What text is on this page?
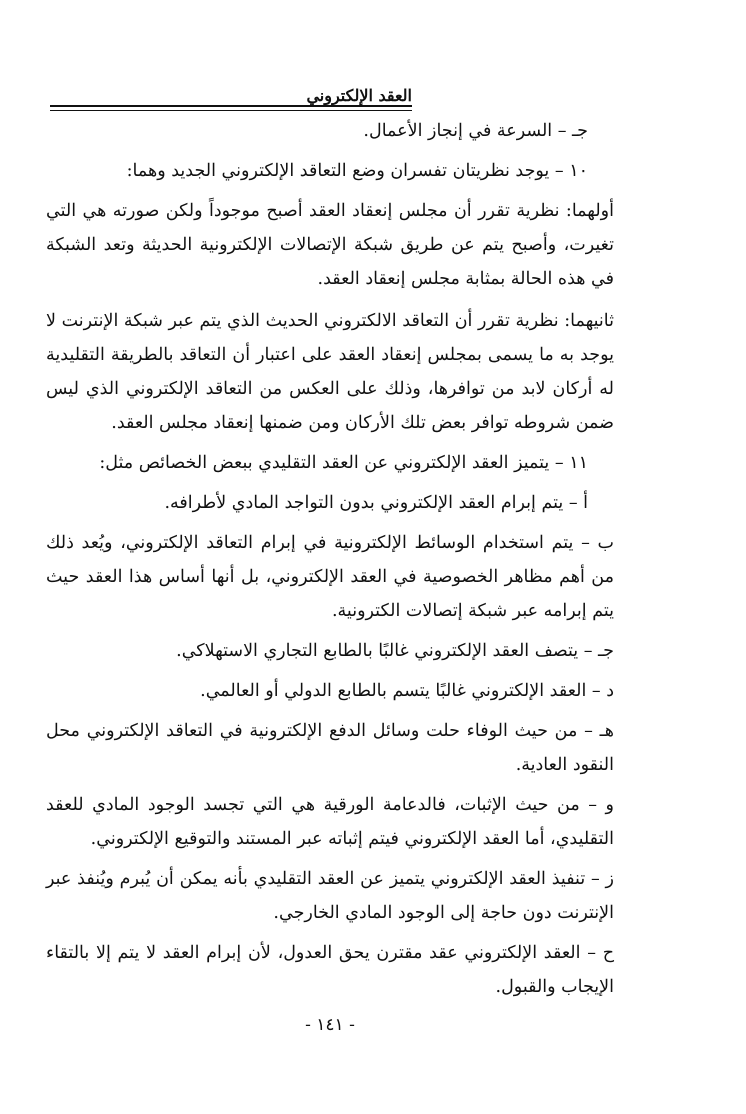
العقد الإلكتروني

جـ – السرعة في إنجاز الأعمال.

١٠ – يوجد نظريتان تفسران وضع التعاقد الإلكتروني الجديد وهما:

أولهما: نظرية تقرر أن مجلس إنعقاد العقد أصبح موجوداً ولكن صورته هي التي تغيرت، وأصبح يتم عن طريق شبكة الإتصالات الإلكترونية الحديثة وتعد الشبكة في هذه الحالة بمثابة مجلس إنعقاد العقد.

ثانيهما: نظرية تقرر أن التعاقد الالكتروني الحديث الذي يتم عبر شبكة الإنترنت لا يوجد به ما يسمى بمجلس إنعقاد العقد على اعتبار أن التعاقد بالطريقة التقليدية له أركان لابد من توافرها، وذلك على العكس من التعاقد الإلكتروني الذي ليس ضمن شروطه توافر بعض تلك الأركان ومن ضمنها إنعقاد مجلس العقد.

١١ – يتميز العقد الإلكتروني عن العقد التقليدي ببعض الخصائص مثل:

أ – يتم إبرام العقد الإلكتروني بدون التواجد المادي لأطرافه.

ب – يتم استخدام الوسائط الإلكترونية في إبرام التعاقد الإلكتروني، ويُعد ذلك من أهم مظاهر الخصوصية في العقد الإلكتروني، بل أنها أساس هذا العقد حيث يتم إبرامه عبر شبكة إتصالات الكترونية.

جـ – يتصف العقد الإلكتروني غالبًا بالطابع التجاري الاستهلاكي.

د – العقد الإلكتروني غالبًا يتسم بالطابع الدولي أو العالمي.

هـ – من حيث الوفاء حلت وسائل الدفع الإلكترونية في التعاقد الإلكتروني محل النقود العادية.

و – من حيث الإثبات، فالدعامة الورقية هي التي تجسد الوجود المادي للعقد التقليدي، أما العقد الإلكتروني فيتم إثباته عبر المستند والتوقيع الإلكتروني.

ز – تنفيذ العقد الإلكتروني يتميز عن العقد التقليدي بأنه يمكن أن يُبرم ويُنفذ عبر الإنترنت دون حاجة إلى الوجود المادي الخارجي.

ح – العقد الإلكتروني عقد مقترن يحق العدول، لأن إبرام العقد لا يتم إلا بالتقاء الإيجاب والقبول.

- ١٤١ -
